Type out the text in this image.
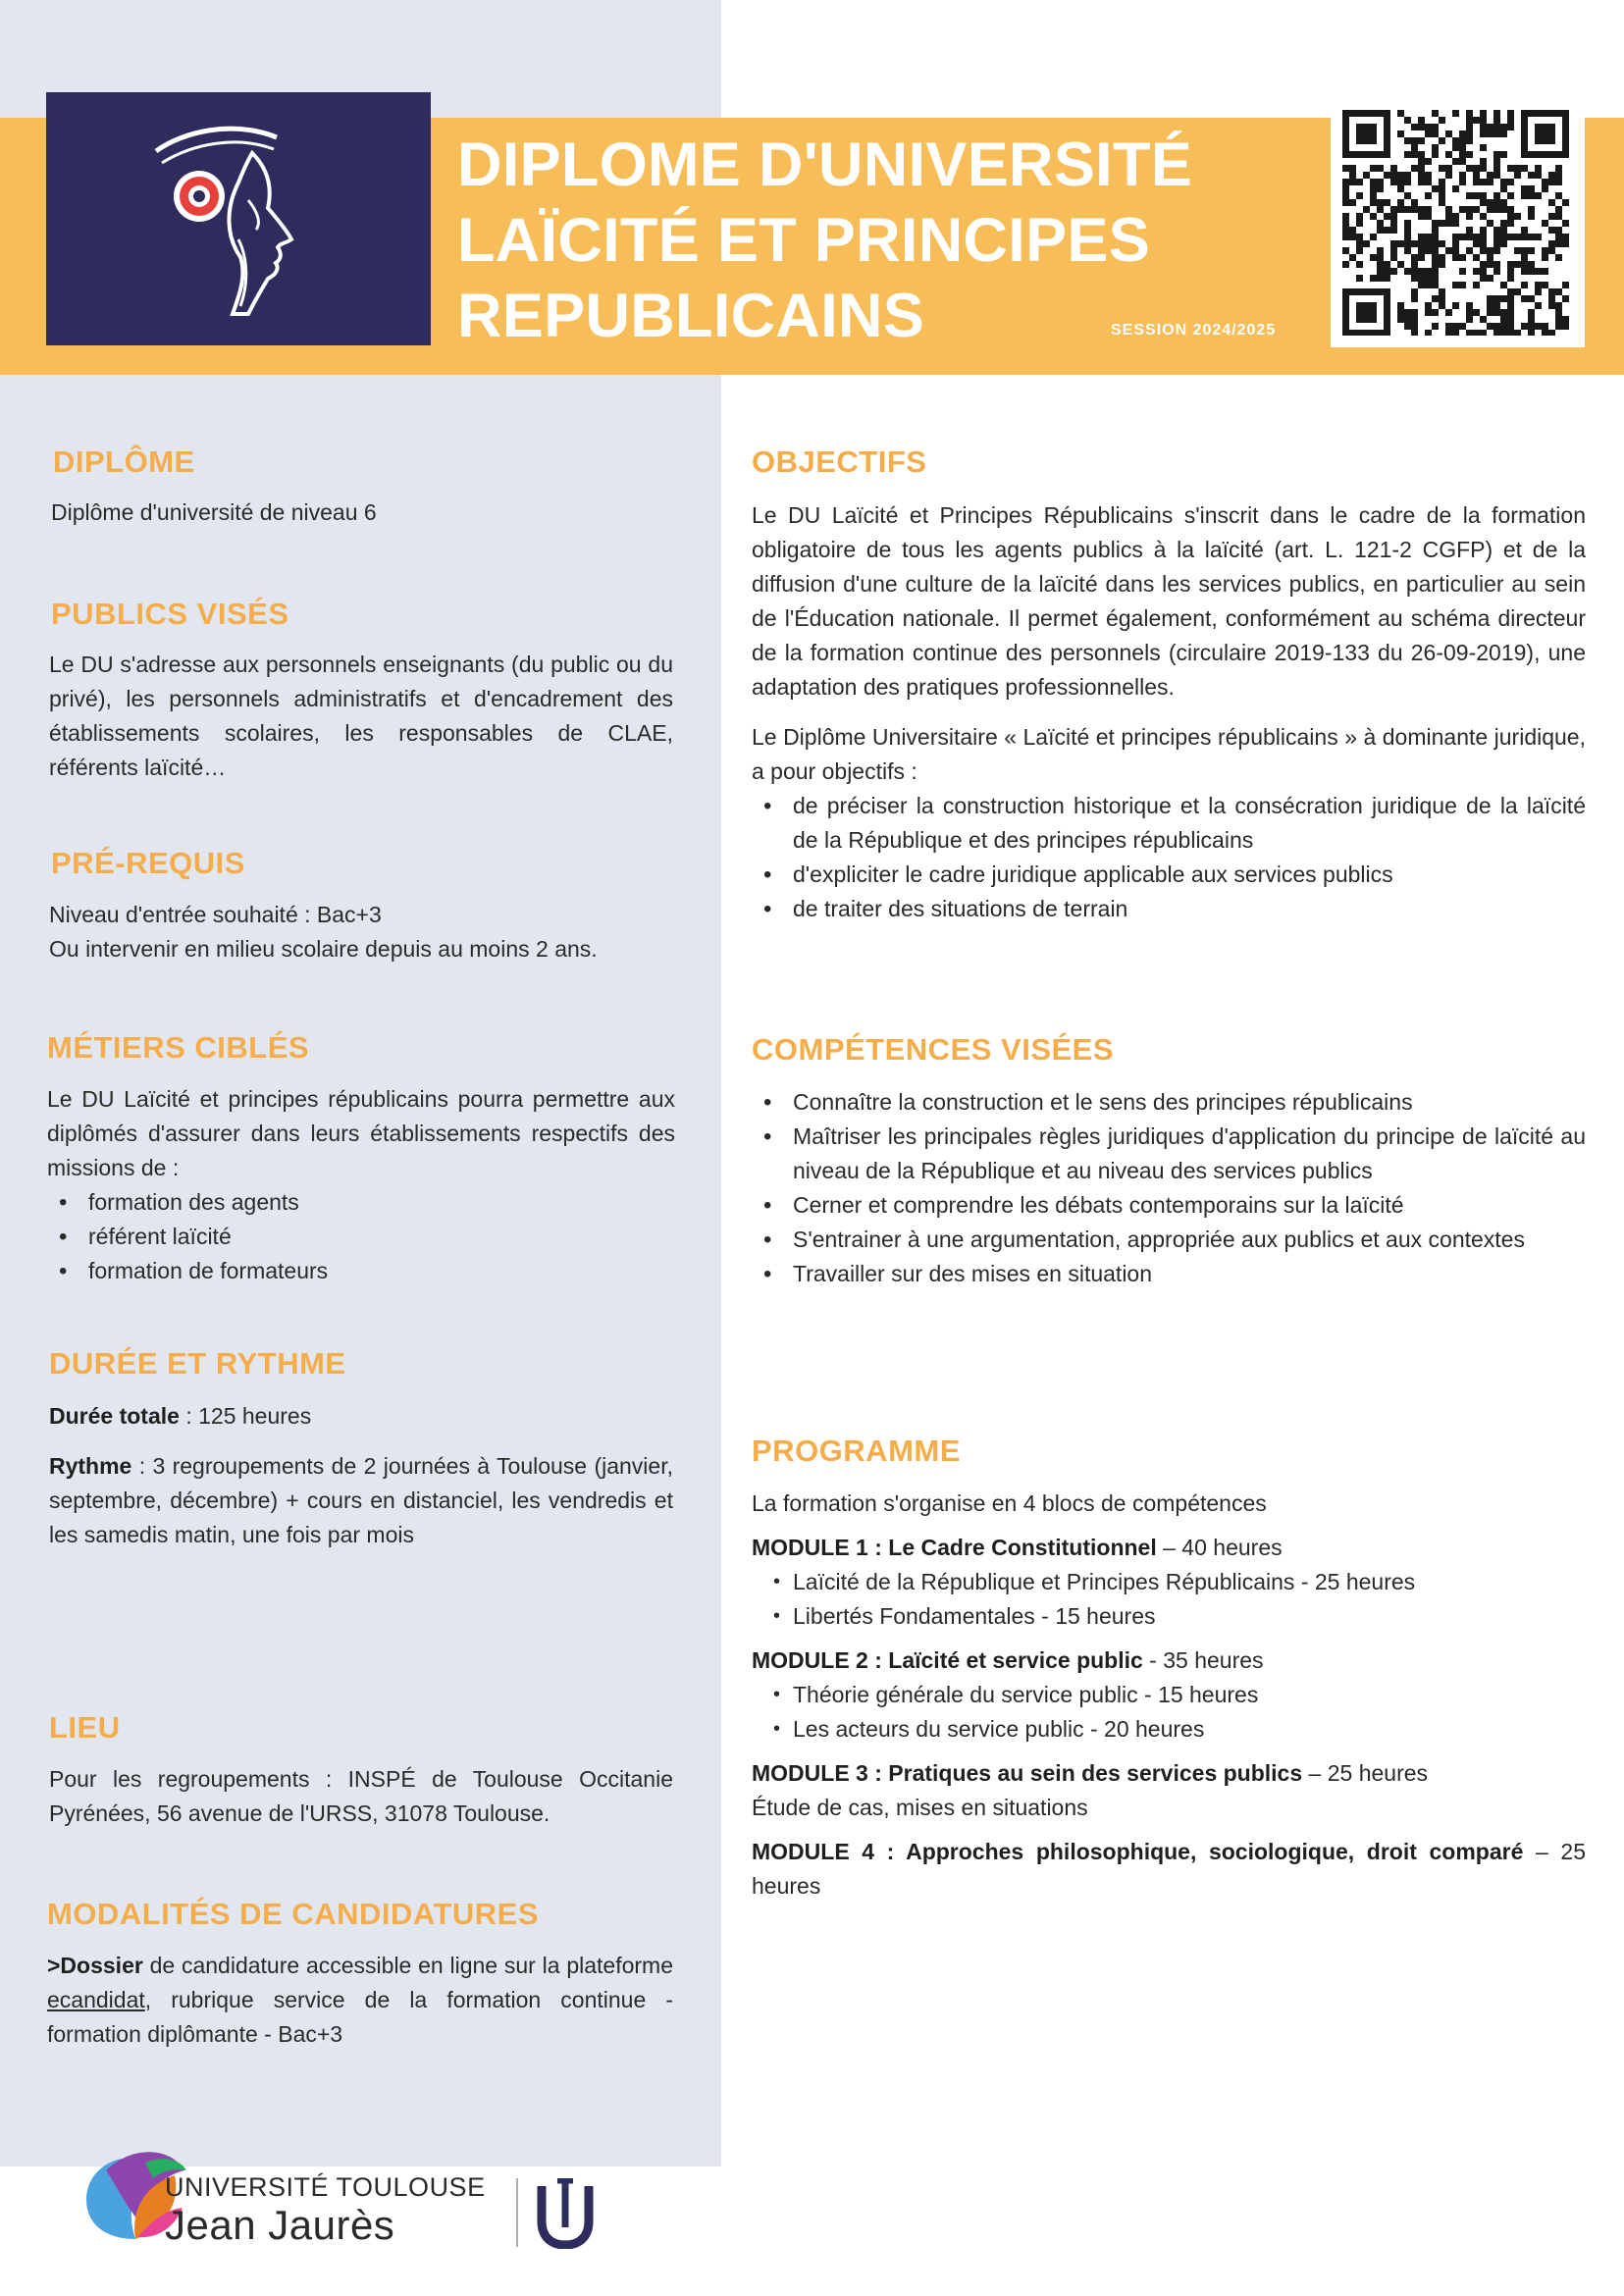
DIPLOME D'UNIVERSITÉ
LAÏCITÉ ET PRINCIPES
REPUBLICAINS	SESSION 2024/2025
DIPLÔME
Diplôme d'université de niveau 6
PUBLICS VISÉS
Le DU s'adresse aux personnels enseignants (du public ou du privé), les personnels administratifs et d'encadrement des établissements scolaires, les responsables de CLAE, référents laïcité…
PRÉ-REQUIS

Niveau d'entrée souhaité : Bac+3

Ou intervenir en milieu scolaire depuis au moins 2 ans.

MÉTIERS CIBLÉS

Le DU Laïcité et principes républicains pourra permettre aux diplômés d'assurer dans leurs établissements respectifs des missions de :

• formation des agents
• référent laïcité
• formation de formateurs
DURÉE ET RYTHME

Durée totale : 125 heures

Rythme : 3 regroupements de 2 journées à Toulouse (janvier, septembre, décembre) + cours en distanciel, les vendredis et les samedis matin, une fois par mois

LIEU
Pour les regroupements : INSPÉ de Toulouse Occitanie Pyrénées, 56 avenue de l'URSS, 31078 Toulouse.
MODALITÉS DE CANDIDATURES
>Dossier de candidature accessible en ligne sur la plateforme ecandidat, rubrique service de la formation continue - formation diplômante - Bac+3
OBJECTIFS

Le DU Laïcité et Principes Républicains s'inscrit dans le cadre de la formation obligatoire de tous les agents publics à la laïcité (art. L. 121-2 CGFP) et de la diffusion d'une culture de la laïcité dans les services publics, en particulier au sein de l'Éducation nationale. Il permet également, conformément au schéma directeur de la formation continue des personnels (circulaire 2019-133 du 26-09-2019), une adaptation des pratiques professionnelles.

Le Diplôme Universitaire « Laïcité et principes républicains » à dominante juridique, a pour objectifs :

• de préciser la construction historique et la consécration juridique de la laïcité de la République et des principes républicains
• d'expliciter le cadre juridique applicable aux services publics
• de traiter des situations de terrain
COMPÉTENCES VISÉES
• Connaître la construction et le sens des principes républicains
• Maîtriser les principales règles juridiques d'application du principe de laïcité au niveau de la République et au niveau des services publics
• Cerner et comprendre les débats contemporains sur la laïcité
• S'entrainer à une argumentation, appropriée aux publics et aux contextes
• Travailler sur des mises en situation
PROGRAMME

La formation s'organise en 4 blocs de compétences

MODULE 1 : Le Cadre Constitutionnel – 40 heures

• Laïcité de la République et Principes Républicains - 25 heures
• Libertés Fondamentales - 15 heures

MODULE 2 : Laïcité et service public - 35 heures

• Théorie générale du service public - 15 heures
• Les acteurs du service public - 20 heures

MODULE 3 : Pratiques au sein des services publics – 25 heures

Étude de cas, mises en situations

MODULE 4 : Approches philosophique, sociologique, droit comparé – 25 heures

UNIVERSITÉ TOULOUSE
Jean Jaurès
